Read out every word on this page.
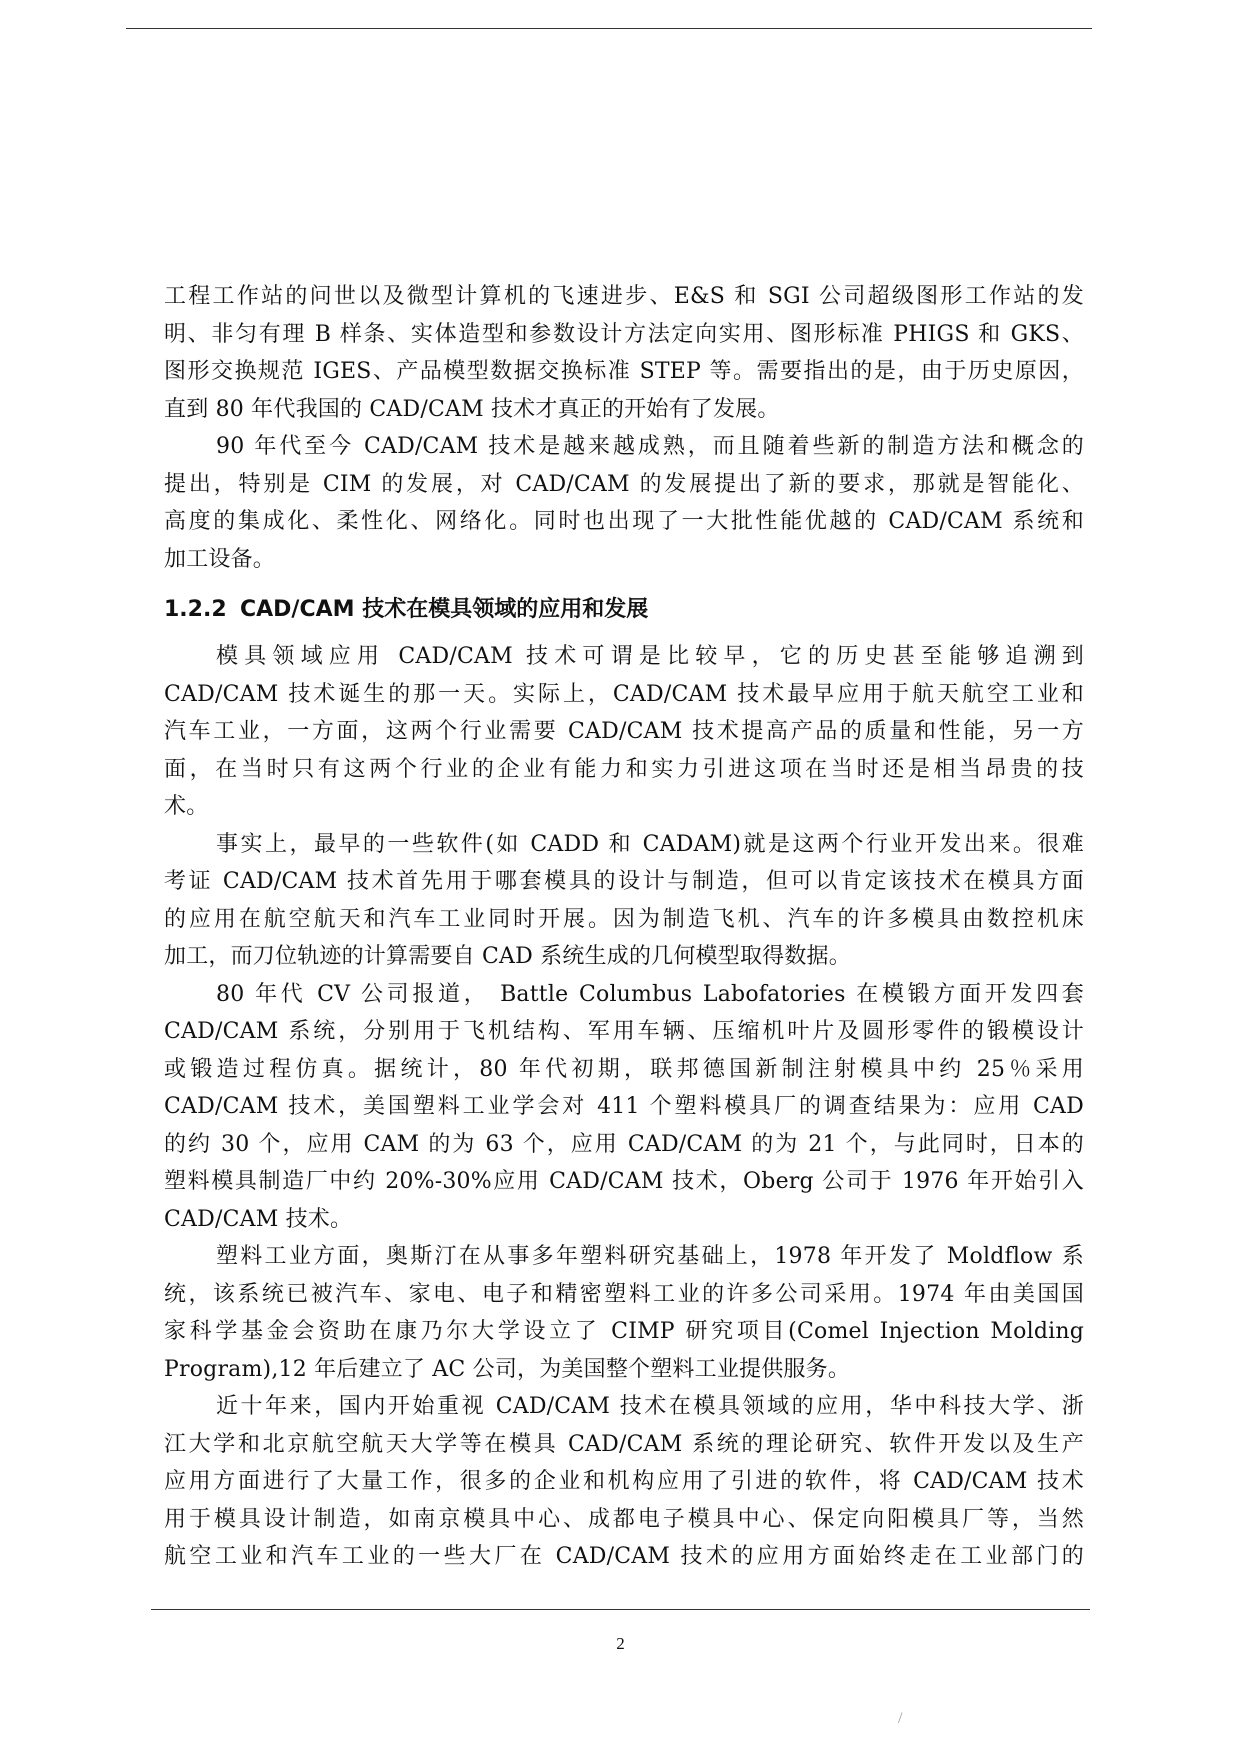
工程工作站的问世以及微型计算机的飞速进步、E&S 和 SGI 公司超级图形工作站的发
明、非匀有理 B 样条、实体造型和参数设计方法定向实用、图形标准 PHIGS 和 GKS、
图形交换规范 IGES、产品模型数据交换标准 STEP 等。需要指出的是，由于历史原因，
直到 80 年代我国的 CAD/CAM 技术才真正的开始有了发展。
90 年代至今 CAD/CAM 技术是越来越成熟，而且随着些新的制造方法和概念的
提出，特别是 CIM 的发展，对 CAD/CAM 的发展提出了新的要求，那就是智能化、
高度的集成化、柔性化、网络化。同时也出现了一大批性能优越的 CAD/CAM 系统和
加工设备。
1.2.2 CAD/CAM 技术在模具领域的应用和发展
模具领域应用 CAD/CAM 技术可谓是比较早，它的历史甚至能够追溯到
CAD/CAM 技术诞生的那一天。实际上，CAD/CAM 技术最早应用于航天航空工业和
汽车工业，一方面，这两个行业需要 CAD/CAM 技术提高产品的质量和性能，另一方
面，在当时只有这两个行业的企业有能力和实力引进这项在当时还是相当昂贵的技
术。
事实上，最早的一些软件(如 CADD 和 CADAM)就是这两个行业开发出来。很难
考证 CAD/CAM 技术首先用于哪套模具的设计与制造，但可以肯定该技术在模具方面
的应用在航空航天和汽车工业同时开展。因为制造飞机、汽车的许多模具由数控机床
加工，而刀位轨迹的计算需要自 CAD 系统生成的几何模型取得数据。
80 年代 CV 公司报道， Battle Columbus Labofatories 在模锻方面开发四套
CAD/CAM 系统，分别用于飞机结构、军用车辆、压缩机叶片及圆形零件的锻模设计
或锻造过程仿真。据统计，80 年代初期，联邦德国新制注射模具中约 25％采用
CAD/CAM 技术，美国塑料工业学会对 411 个塑料模具厂的调查结果为：应用 CAD
的约 30 个，应用 CAM 的为 63 个，应用 CAD/CAM 的为 21 个，与此同时，日本的
塑料模具制造厂中约 20%-30%应用 CAD/CAM 技术，Oberg 公司于 1976 年开始引入
CAD/CAM 技术。
塑料工业方面，奥斯汀在从事多年塑料研究基础上，1978 年开发了 Moldflow 系
统，该系统已被汽车、家电、电子和精密塑料工业的许多公司采用。1974 年由美国国
家科学基金会资助在康乃尔大学设立了 CIMP 研究项目(Comel Injection Molding
Program),12 年后建立了 AC 公司，为美国整个塑料工业提供服务。
近十年来，国内开始重视 CAD/CAM 技术在模具领域的应用，华中科技大学、浙
江大学和北京航空航天大学等在模具 CAD/CAM 系统的理论研究、软件开发以及生产
应用方面进行了大量工作，很多的企业和机构应用了引进的软件，将 CAD/CAM 技术
用于模具设计制造，如南京模具中心、成都电子模具中心、保定向阳模具厂等，当然
航空工业和汽车工业的一些大厂在 CAD/CAM 技术的应用方面始终走在工业部门的
2
/
